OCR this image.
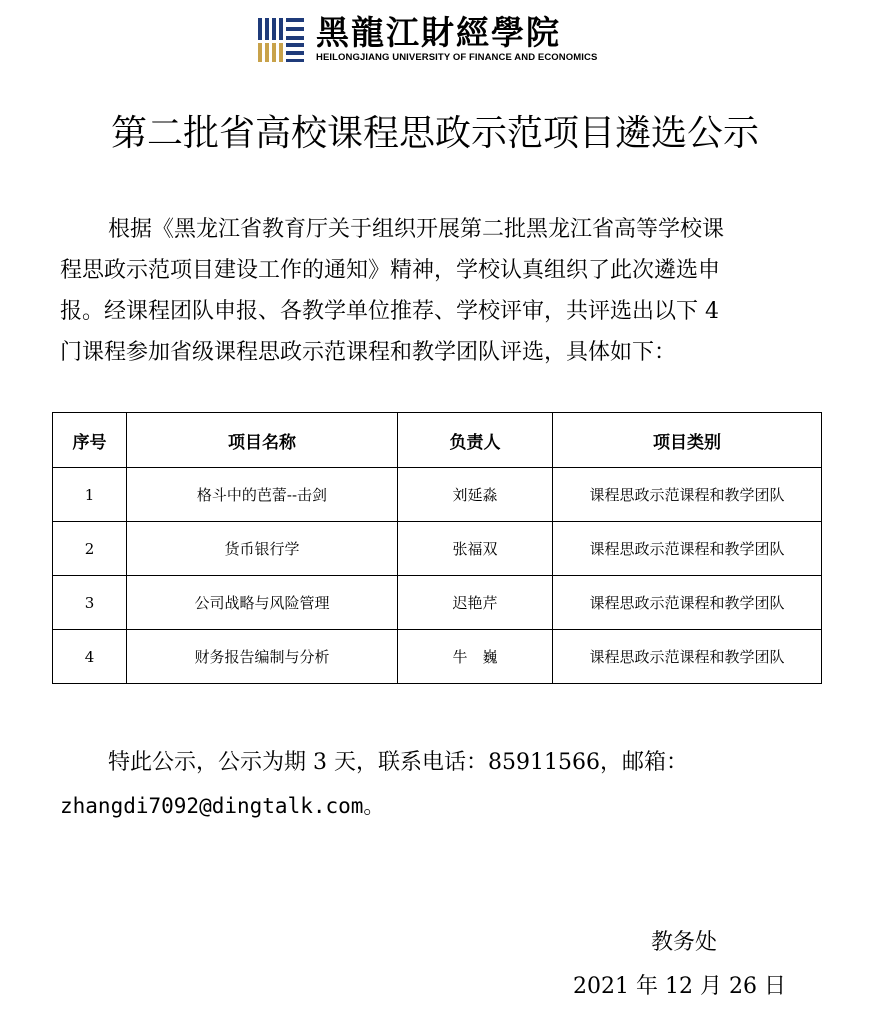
黑龍江財經學院
HEILONGJIANG UNIVERSITY OF FINANCE AND ECONOMICS
第二批省高校课程思政示范项目遴选公示
根据《黑龙江省教育厅关于组织开展第二批黑龙江省高等学校课
程思政示范项目建设工作的通知》精神，学校认真组织了此次遴选申
报。经课程团队申报、各教学单位推荐、学校评审，共评选出以下 4
门课程参加省级课程思政示范课程和教学团队评选，具体如下：
序号	项目名称	负责人	项目类别
1	格斗中的芭蕾--击剑	刘延淼	课程思政示范课程和教学团队
2	货币银行学	张福双	课程思政示范课程和教学团队
3	公司战略与风险管理	迟艳芹	课程思政示范课程和教学团队
4	财务报告编制与分析	牛　巍	课程思政示范课程和教学团队
特此公示，公示为期 3 天，联系电话：85911566，邮箱：
zhangdi7092@dingtalk.com。
教务处
2021 年 12 月 26 日
